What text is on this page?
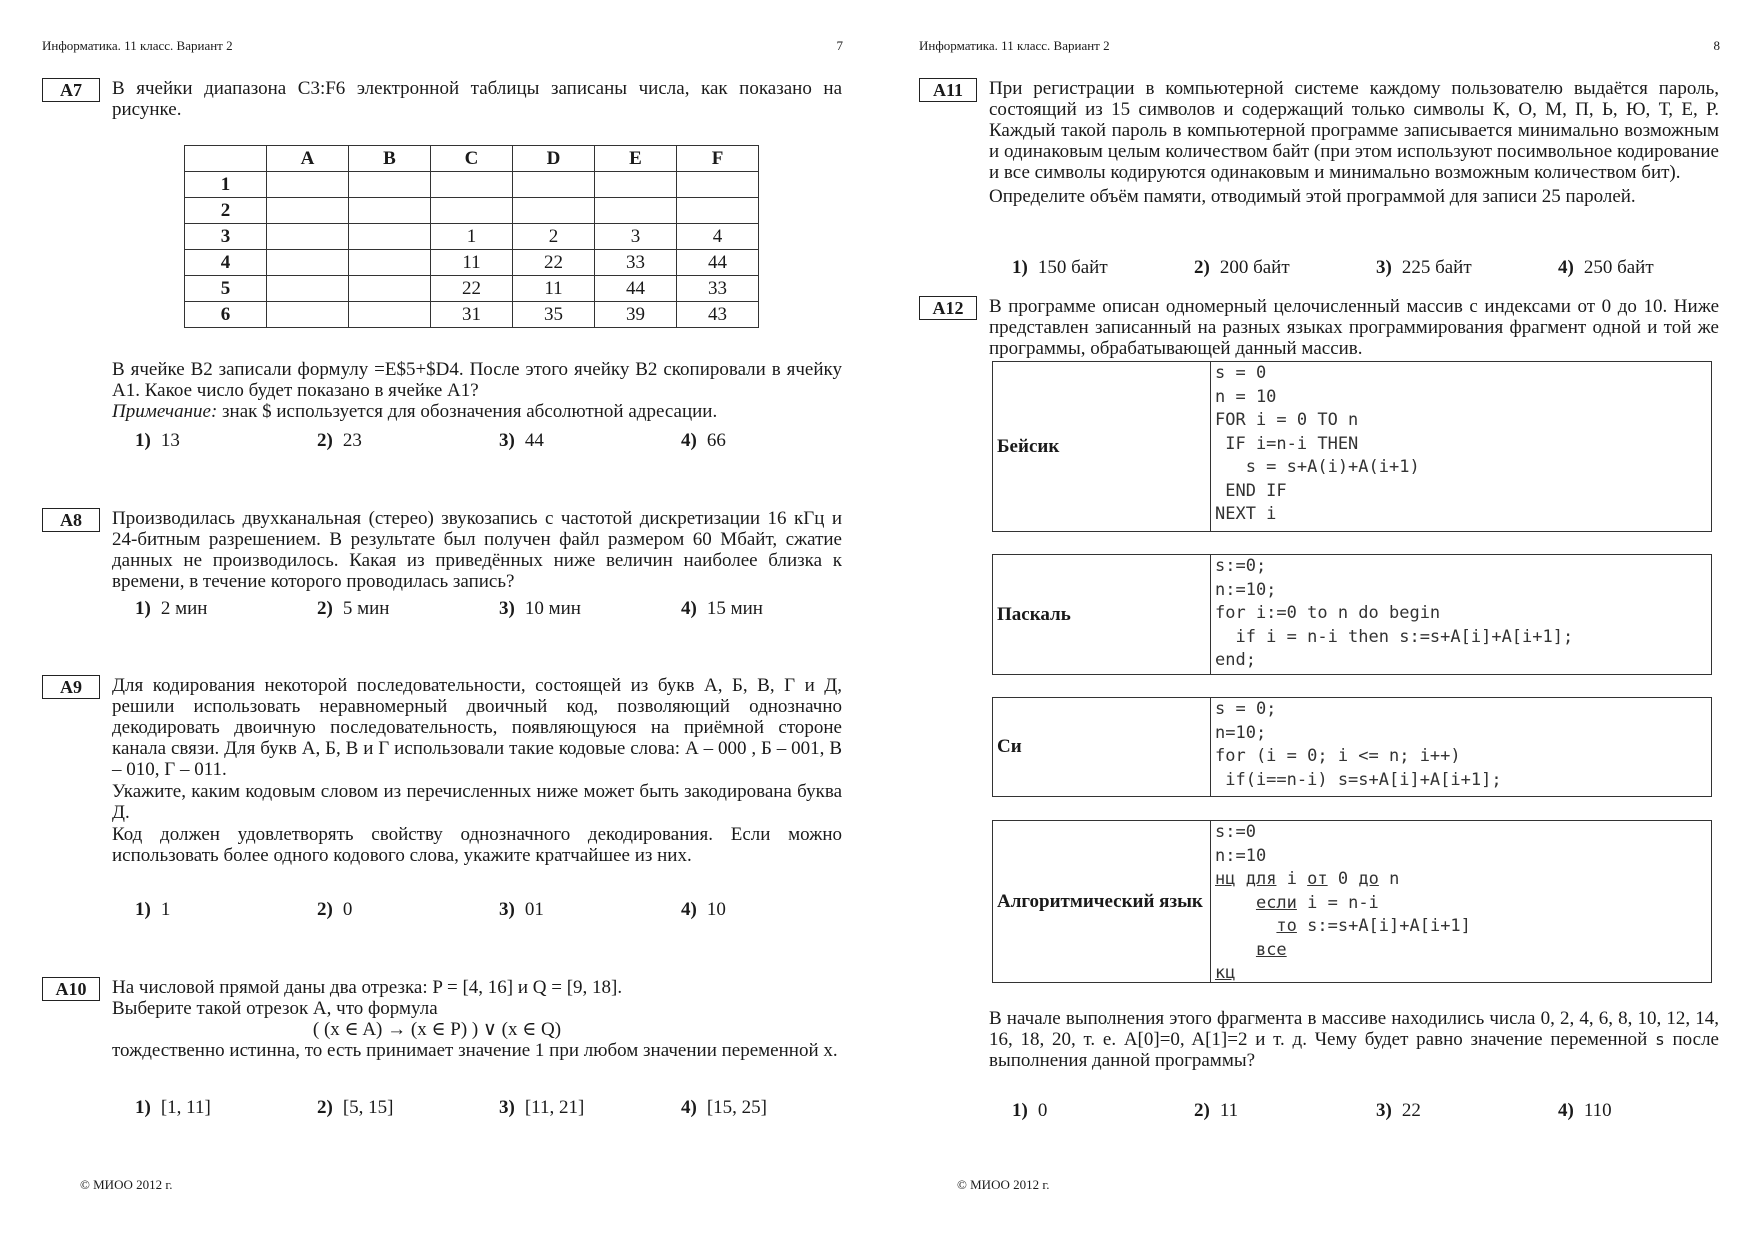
Информатика. 11 класс. Вариант 2	7
А7	В ячейки диапазона C3:F6 электронной таблицы записаны числа, как показано на рисунке.
	A	B	C	D	E	F
1						
2						
3			1	2	3	4
4			11	22	33	44
5			22	11	44	33
6			31	35	39	43

В ячейке B2 записали формулу =E$5+$D4. После этого ячейку B2 скопировали в ячейку A1. Какое число будет показано в ячейке A1?

Примечание: знак $ используется для обозначения абсолютной адресации.

1) 13	2) 23	3) 44	4) 66
А8	Производилась двухканальная (стерео) звукозапись с частотой дискретизации 16 кГц и 24-битным разрешением. В результате был получен файл размером 60 Мбайт, сжатие данных не производилось. Какая из приведённых ниже величин наиболее близка к времени, в течение которого проводилась запись?
1) 2 мин	2) 5 мин	3) 10 мин	4) 15 мин
А9	Для кодирования некоторой последовательности, состоящей из букв А, Б, В, Г и Д, решили использовать неравномерный двоичный код, позволяющий однозначно декодировать двоичную последовательность, появляющуюся на приёмной стороне канала связи. Для букв А, Б, В и Г использовали такие кодовые слова: А – 000 , Б – 001, В – 010, Г – 011.

Укажите, каким кодовым словом из перечисленных ниже может быть закодирована буква Д.

Код должен удовлетворять свойству однозначного декодирования. Если можно использовать более одного кодового слова, укажите кратчайшее из них.

1) 1	2) 0	3) 01	4) 10
А10	На числовой прямой даны два отрезка: P = [4, 16] и Q = [9, 18].

Выберите такой отрезок A, что формула

( (x ∈ A) → (x ∈ P) ) ∨ (x ∈ Q)

тождественно истинна, то есть принимает значение 1 при любом значении переменной х.

1) [1, 11]	2) [5, 15]	3) [11, 21]	4) [15, 25]
© МИОО 2012 г.
Информатика. 11 класс. Вариант 2	8
А11	При регистрации в компьютерной системе каждому пользователю выдаётся пароль, состоящий из 15 символов и содержащий только символы К, О, М, П, Ь, Ю, Т, Е, Р. Каждый такой пароль в компьютерной программе записывается минимально возможным и одинаковым целым количеством байт (при этом используют посимвольное кодирование и все символы кодируются одинаковым и минимально возможным количеством бит).

Определите объём памяти, отводимый этой программой для записи 25 паролей.

1) 150 байт	2) 200 байт	3) 225 байт	4) 250 байт
А12	В программе описан одномерный целочисленный массив с индексами от 0 до 10. Ниже представлен записанный на разных языках программирования фрагмент одной и той же программы, обрабатывающей данный массив.
Бейсик
s = 0
n = 10
FOR i = 0 TO n
IF i=n-i THEN
s = s+A(i)+A(i+1)
END IF
NEXT i
Паскаль
s:=0;
n:=10;
for i:=0 to n do begin
if i = n-i then s:=s+A[i]+A[i+1];
end;
Си
s = 0;
n=10;
for (i = 0; i <= n; i++)
if(i==n-i) s=s+A[i]+A[i+1];
Алгоритмический язык
s:=0
n:=10
нц для i от 0 до n
если i = n-i
то s:=s+A[i]+A[i+1]
все
кц
В начале выполнения этого фрагмента в массиве находились числа 0, 2, 4, 6, 8, 10, 12, 14, 16, 18, 20, т. е. A[0]=0, A[1]=2 и т. д. Чему будет равно значение переменной s после выполнения данной программы?
1) 0	2) 11	3) 22	4) 110
© МИОО 2012 г.
